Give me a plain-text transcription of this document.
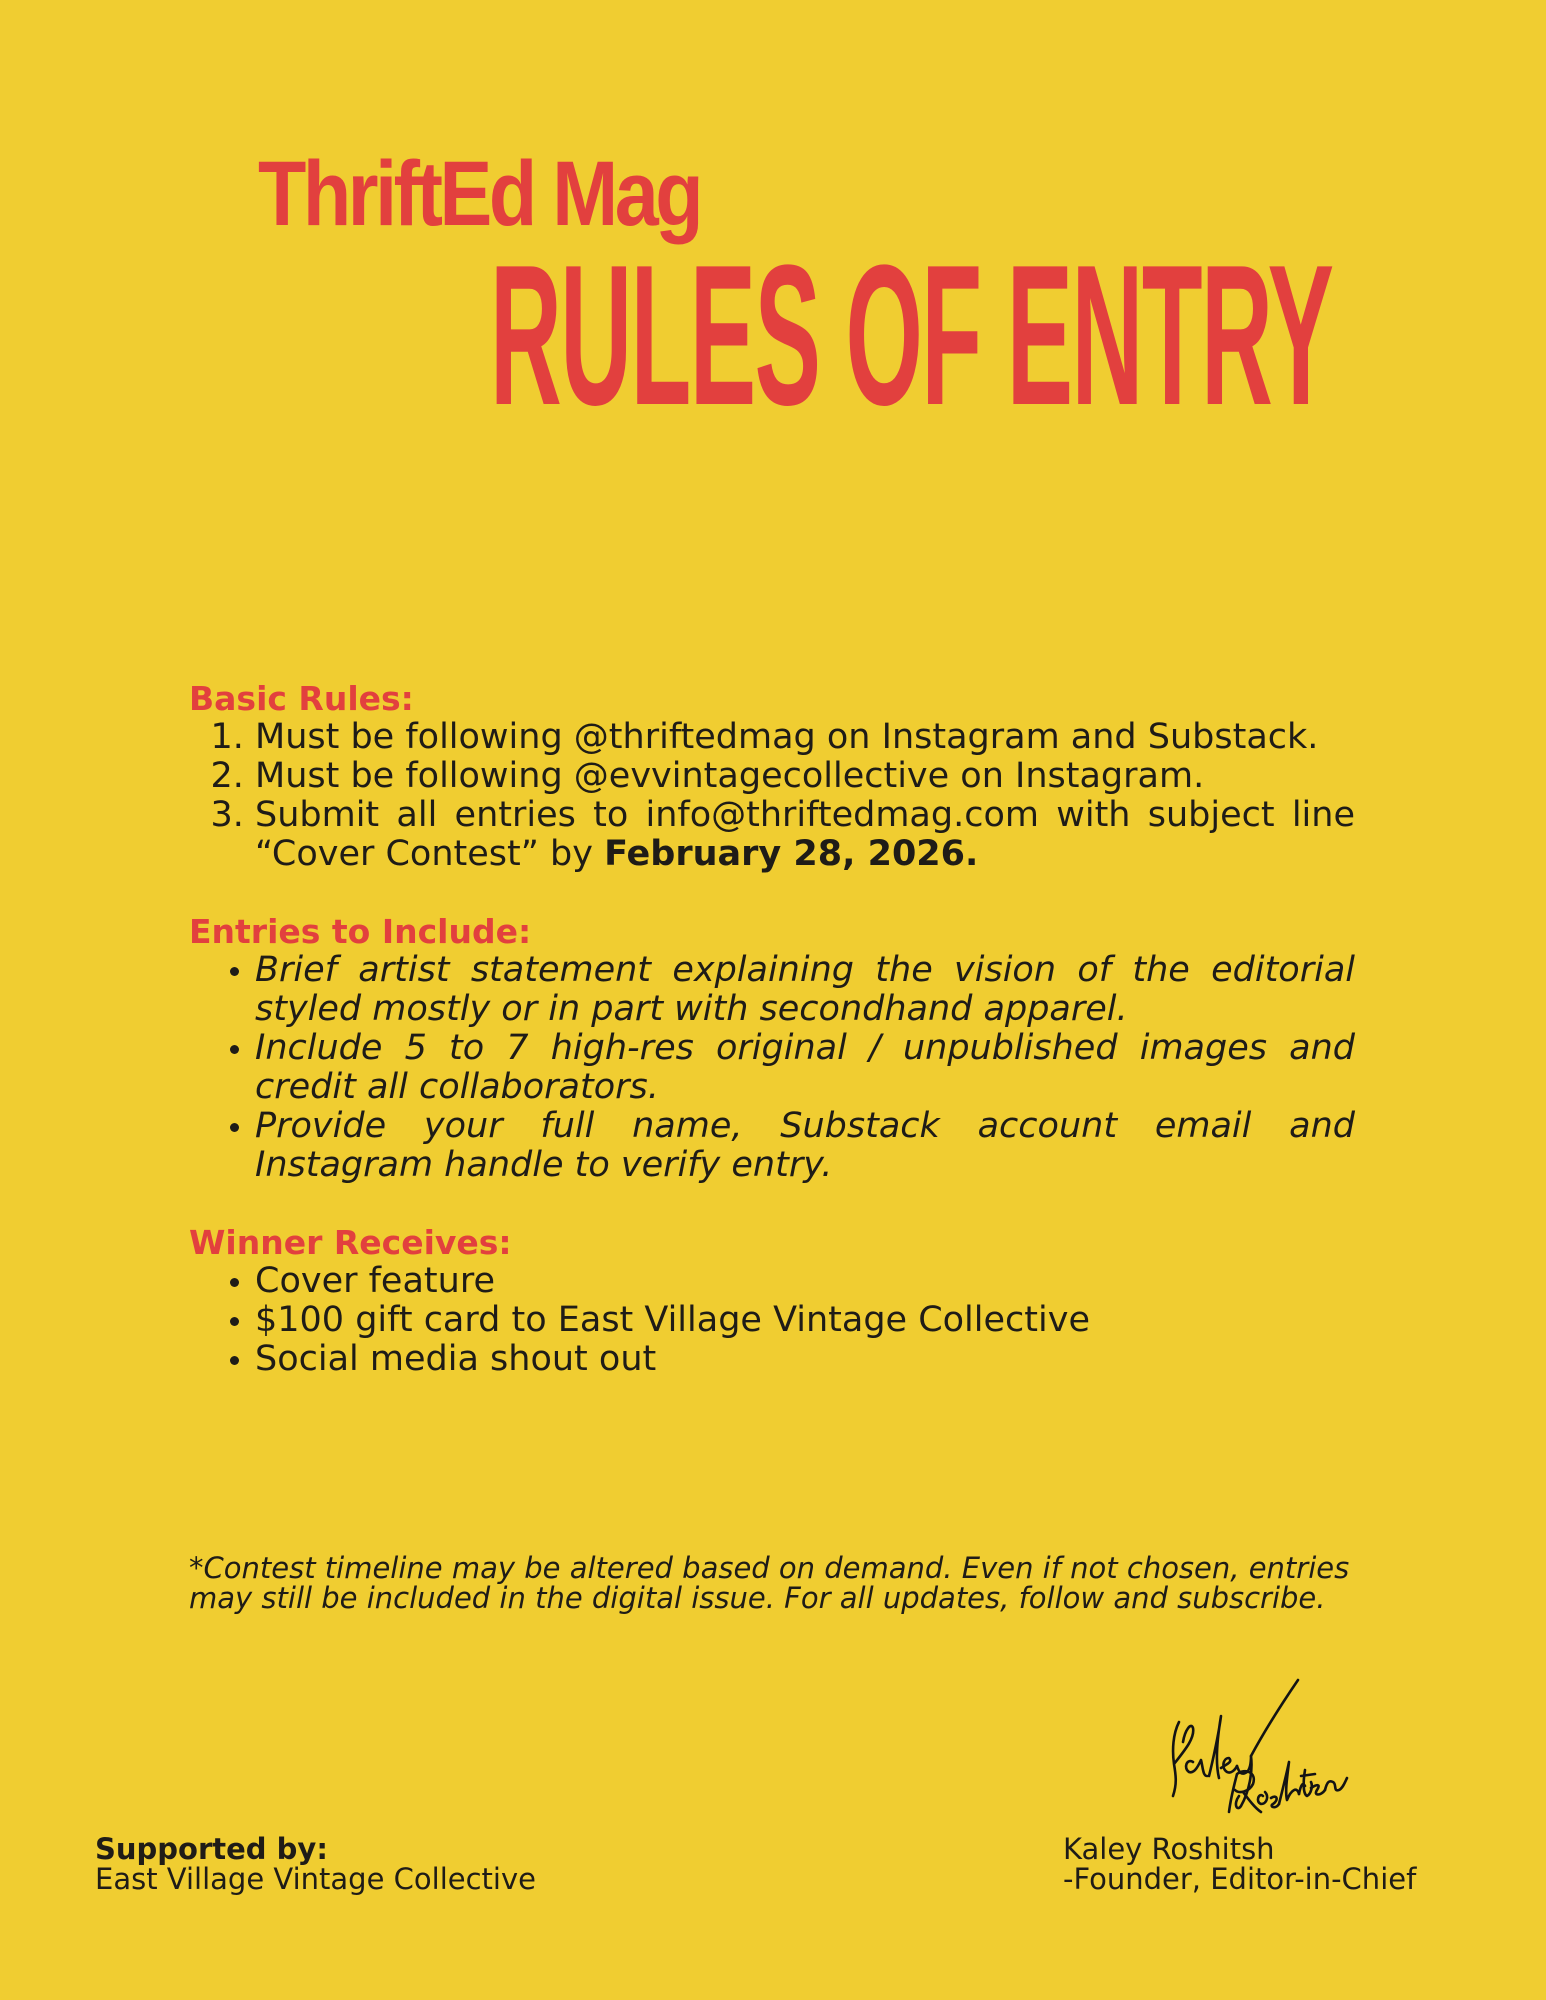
ThriftEd Mag
RULES OF ENTRY

Basic Rules:

1. Must be following @thriftedmag on Instagram and Substack.
2. Must be following @evvintagecollective on Instagram.
3. Submit all entries to info@thriftedmag.com with subject line “Cover Contest” by February 28, 2026.

Entries to Include:

• Brief artist statement explaining the vision of the editorial styled mostly or in part with secondhand apparel.
• Include 5 to 7 high-res original / unpublished images and credit all collaborators.
• Provide your full name, Substack account email and Instagram handle to verify entry.

Winner Receives:

• Cover feature
• $100 gift card to East Village Vintage Collective
• Social media shout out
*Contest timeline may be altered based on demand. Even if not chosen, entries may still be included in the digital issue. For all updates, follow and subscribe.
Supported by:
East Village Vintage Collective
Kaley Roshitsh
-Founder, Editor-in-Chief
